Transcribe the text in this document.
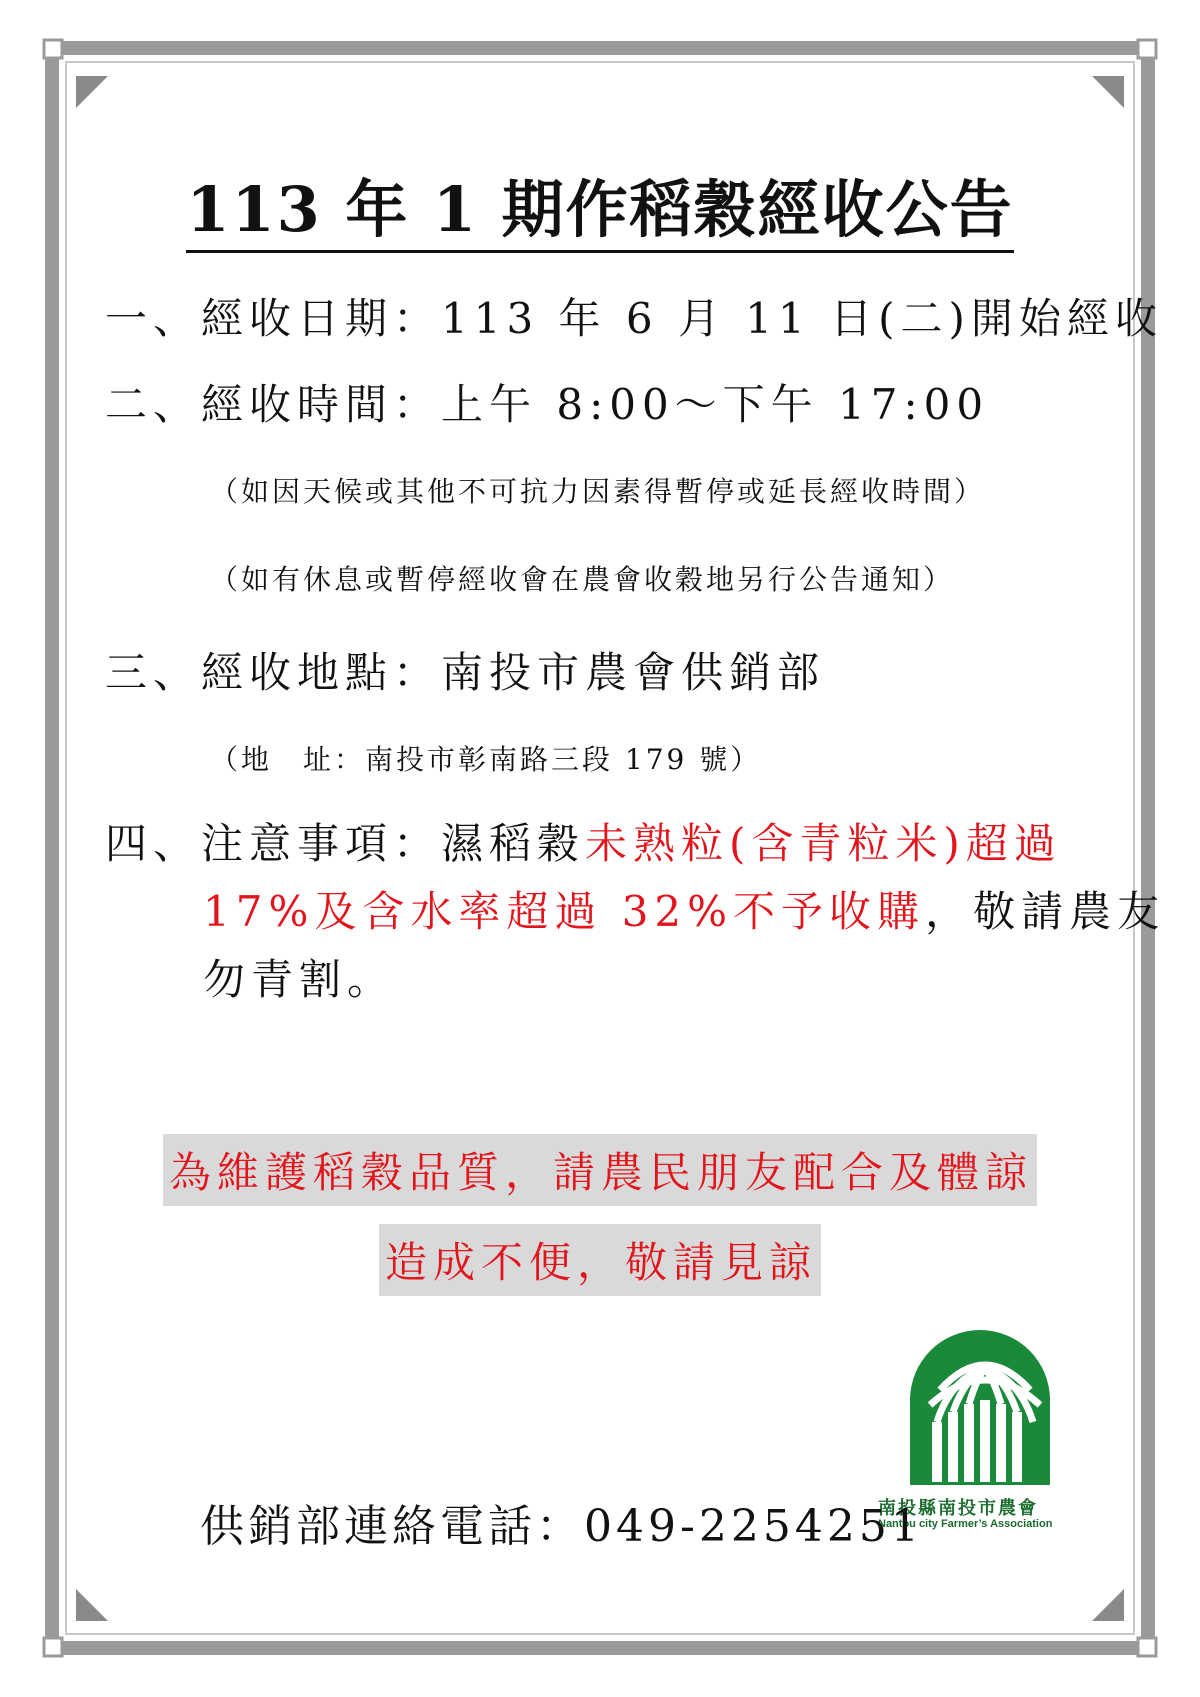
113 年 1 期作稻穀經收公告
一、經收日期：113 年 6 月 11 日(二)開始經收
二、經收時間：上午 8:00～下午 17:00
（如因天候或其他不可抗力因素得暫停或延長經收時間）
（如有休息或暫停經收會在農會收穀地另行公告通知）
三、經收地點：南投市農會供銷部
（地　址：南投市彰南路三段 179 號）
四、注意事項：濕稻穀未熟粒(含青粒米)超過
17%及含水率超過 32%不予收購，敬請農友
勿青割。
為維護稻穀品質，請農民朋友配合及體諒
造成不便，敬請見諒
南投縣南投市農會
Nantou city Farmer’s Association
供銷部連絡電話：049-2254251
